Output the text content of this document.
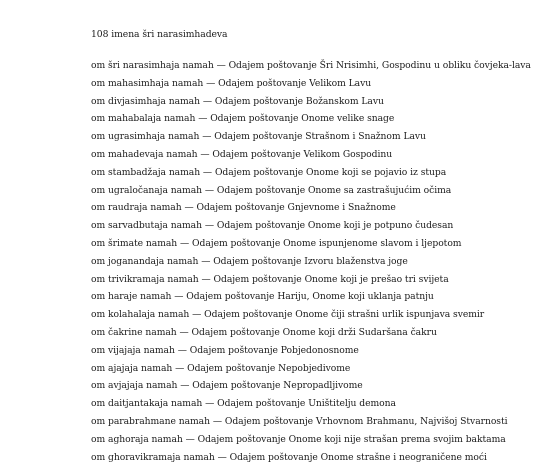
108 imena šri narasimhadeva

om šri narasimhaja namah — Odajem poštovanje Šri Nrisimhi, Gospodinu u obliku čovjeka-lava
om mahasimhaja namah — Odajem poštovanje Velikom Lavu
om divjasimhaja namah — Odajem poštovanje Božanskom Lavu
om mahabalaja namah — Odajem poštovanje Onome velike snage
om ugrasimhaja namah — Odajem poštovanje Strašnom i Snažnom Lavu
om mahadevaja namah — Odajem poštovanje Velikom Gospodinu
om stambadžaja namah — Odajem poštovanje Onome koji se pojavio iz stupa
om ugraločanaja namah — Odajem poštovanje Onome sa zastrašujućim očima
om raudraja namah — Odajem poštovanje Gnjevnome i Snažnome
om sarvadbutaja namah — Odajem poštovanje Onome koji je potpuno čudesan
om šrimate namah — Odajem poštovanje Onome ispunjenome slavom i ljepotom
om joganandaja namah — Odajem poštovanje Izvoru blaženstva joge
om trivikramaja namah — Odajem poštovanje Onome koji je prešao tri svijeta
om haraje namah — Odajem poštovanje Hariju, Onome koji uklanja patnju
om kolahalaja namah — Odajem poštovanje Onome čiji strašni urlik ispunjava svemir
om čakrine namah — Odajem poštovanje Onome koji drži Sudaršana čakru
om vijajaja namah — Odajem poštovanje Pobjedonosnome
om ajajaja namah — Odajem poštovanje Nepobjedivome
om avjajaja namah — Odajem poštovanje Nepropadljivome
om daitjantakaja namah — Odajem poštovanje Uništitelju demona
om parabrahmane namah — Odajem poštovanje Vrhovnom Brahmanu, Najvišoj Stvarnosti
om aghoraja namah — Odajem poštovanje Onome koji nije strašan prema svojim baktama
om ghoravikramaja namah — Odajem poštovanje Onome strašne i neograničene moći
